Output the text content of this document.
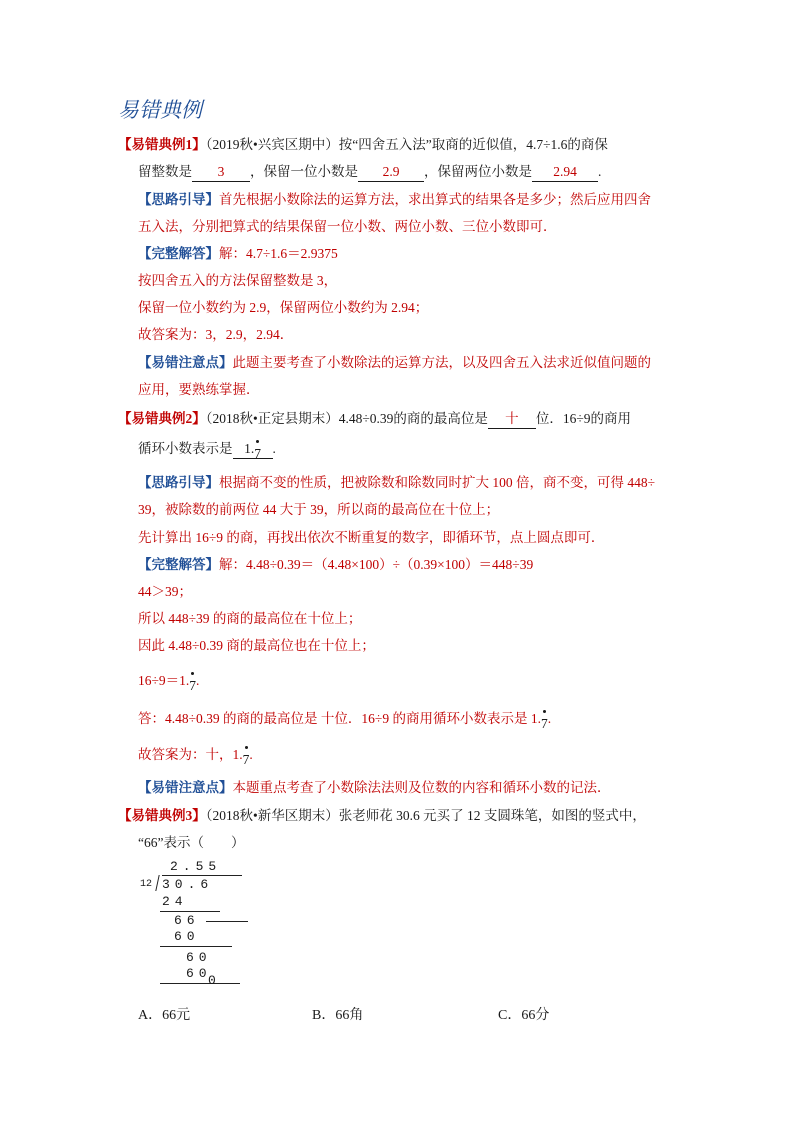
易错典例
【易错典例1】（2019秋•兴宾区期中）按“四舍五入法”取商的近似值，4.7÷1.6的商保
留整数是 3 ，保留一位小数是 2.9 ，保留两位小数是 2.94 .
【思路引导】首先根据小数除法的运算方法，求出算式的结果各是多少；然后应用四舍
五入法，分别把算式的结果保留一位小数、两位小数、三位小数即可．
【完整解答】解：4.7÷1.6＝2.9375
按四舍五入的方法保留整数是 3，
保留一位小数约为 2.9，保留两位小数约为 2.94；
故答案为：3，2.9，2.94．
【易错注意点】此题主要考查了小数除法的运算方法，以及四舍五入法求近似值问题的
应用，要熟练掌握．
【易错典例2】（2018秋•正定县期末）4.48÷0.39的商的最高位是 十 位．16÷9的商用
循环小数表示是 1.7 .
【思路引导】根据商不变的性质，把被除数和除数同时扩大 100 倍，商不变，可得 448÷
39，被除数的前两位 44 大于 39，所以商的最高位在十位上；
先计算出 16÷9 的商，再找出依次不断重复的数字，即循环节，点上圆点即可．
【完整解答】解：4.48÷0.39＝（4.48×100）÷（0.39×100）＝448÷39
44＞39；
所以 448÷39 的商的最高位在十位上；
因此 4.48÷0.39 商的最高位也在十位上；
16÷9＝1.7.
答：4.48÷0.39 的商的最高位是 十位．16÷9 的商用循环小数表示是 1.7.
故答案为：十，1.7.
【易错注意点】本题重点考查了小数除法法则及位数的内容和循环小数的记法．
【易错典例3】（2018秋•新华区期末）张老师花 30.6 元买了 12 支圆珠笔，如图的竖式中，
“66”表示（　　）
2.55
12 30.6
24
66
60
60
60
0
A．66元	B．66角	C．66分
